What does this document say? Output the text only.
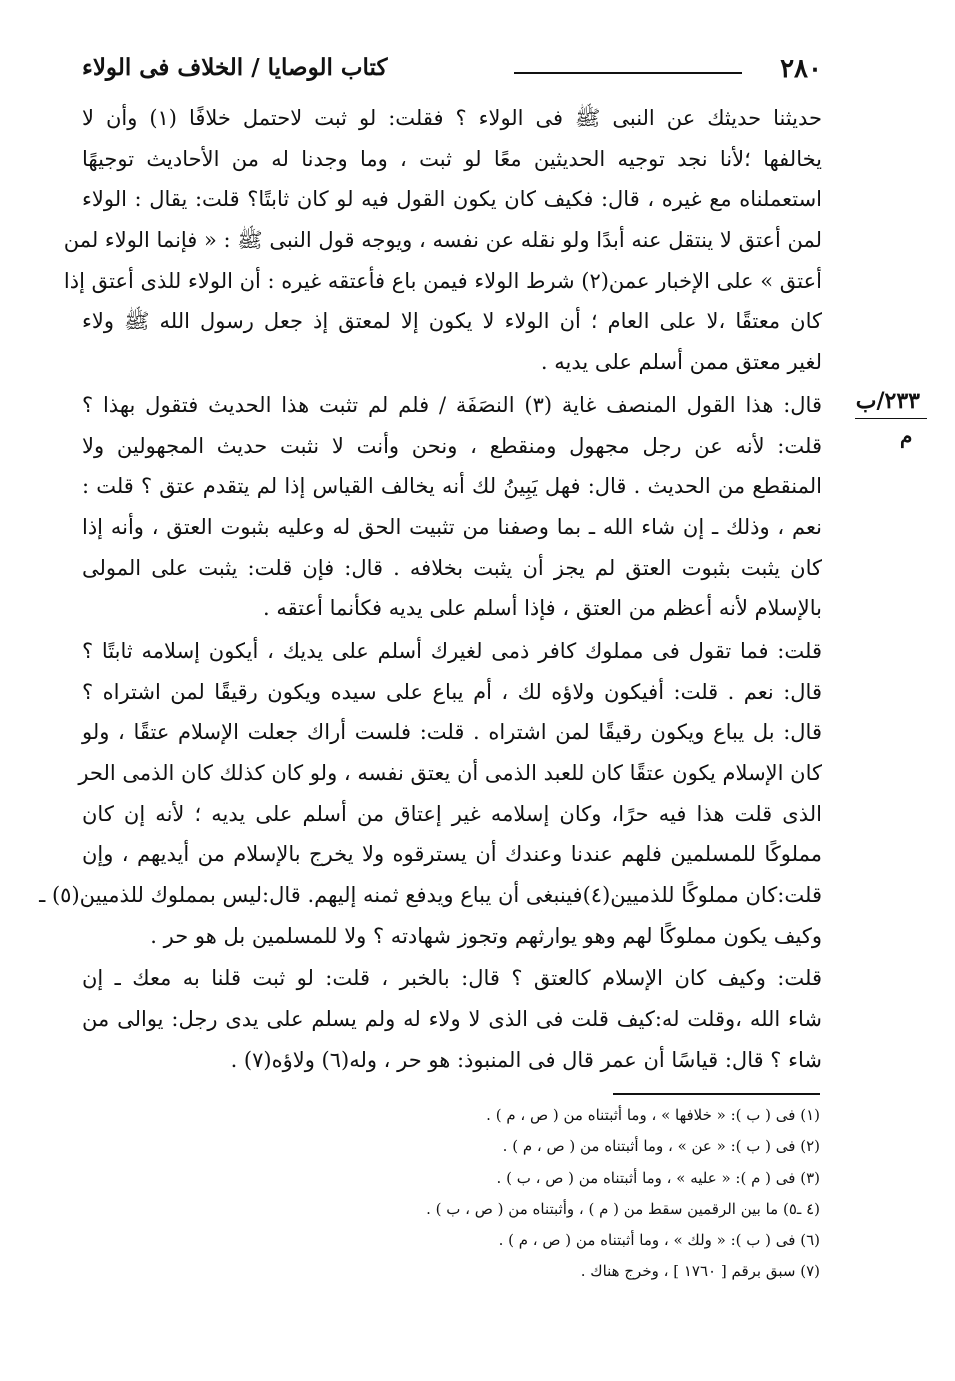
٢٨٠
كتاب الوصايا / الخلاف فى الولاء
٢٣٣/ب
م
حديثنا حديثك عن النبى ﷺ فى الولاء ؟ فقلت: لو ثبت لاحتمل خلافًا (١) وأن لا
يخالفها ؛لأنا نجد توجيه الحديثين معًا لو ثبت ، وما وجدنا له من الأحاديث توجيهًا
استعملناه مع غيره ، قال: فكيف كان يكون القول فيه لو كان ثابتًا؟ قلت: يقال : الولاء
لمن أعتق لا ينتقل عنه أبدًا ولو نقله عن نفسه ، ويوجه قول النبى ﷺ : « فإنما الولاء لمن
أعتق » على الإخبار عمن(٢) شرط الولاء فيمن باع فأعتقه غيره : أن الولاء للذى أعتق إذا
كان معتقًا ،لا على العام ؛ أن الولاء لا يكون إلا لمعتق إذ جعل رسول الله ﷺ ولاء
لغير معتق ممن أسلم على يديه .
قال: هذا القول المنصف غاية (٣) النصَفَة / فلم لم تثبت هذا الحديث فتقول بهذا ؟
قلت: لأنه عن رجل مجهول ومنقطع ، ونحن وأنت لا نثبت حديث المجهولين ولا
المنقطع من الحديث . قال: فهل يَبِينُ لك أنه يخالف القياس إذا لم يتقدم عتق ؟ قلت :
نعم ، وذلك ـ إن شاء الله ـ بما وصفنا من تثبيت الحق له وعليه بثبوت العتق ، وأنه إذا
كان يثبت بثبوت العتق لم يجز أن يثبت بخلافه . قال: فإن قلت: يثبت على المولى
بالإسلام لأنه أعظم من العتق ، فإذا أسلم على يديه فكأنما أعتقه .
قلت: فما تقول فى مملوك كافر ذمى لغيرك أسلم على يديك ، أيكون إسلامه ثابتًا ؟
قال: نعم . قلت: أفيكون ولاؤه لك ، أم يباع على سيده ويكون رقيقًا لمن اشتراه ؟
قال: بل يباع ويكون رقيقًا لمن اشتراه . قلت: فلست أراك جعلت الإسلام عتقًا ، ولو
كان الإسلام يكون عتقًا كان للعبد الذمى أن يعتق نفسه ، ولو كان كذلك كان الذمى الحر
الذى قلت هذا فيه حرًا، وكان إسلامه غير إعتاق من أسلم على يديه ؛ لأنه إن كان
مملوكًا للمسلمين فلهم عندنا وعندك أن يسترقوه ولا يخرج بالإسلام من أيديهم ، وإن
قلت:كان مملوكًا للذميين(٤)فينبغى أن يباع ويدفع ثمنه إليهم. قال:ليس بمملوك للذميين(٥) ـ
وكيف يكون مملوكًا لهم وهو يوارثهم وتجوز شهادته ؟ ولا للمسلمين بل هو حر .
قلت: وكيف كان الإسلام كالعتق ؟ قال: بالخبر ، قلت: لو ثبت قلنا به معك ـ إن
شاء الله ،وقلت له:كيف قلت فى الذى لا ولاء له ولم يسلم على يدى رجل: يوالى من
شاء ؟ قال: قياسًا أن عمر قال فى المنبوذ: هو حر ، وله(٦) ولاؤه(٧) .
(١) فى ( ب ): « خلافها » ، وما أثبتناه من ( ص ، م ) .
(٢) فى ( ب ): « عن » ، وما أثبتناه من ( ص ، م ) .
(٣) فى ( م ): « عليه » ، وما أثبتناه من ( ص ، ب ) .
(٤ ـ٥) ما بين الرقمين سقط من ( م ) ، وأثبتناه من ( ص ، ب ) .
(٦) فى ( ب ): « ولك » ، وما أثبتناه من ( ص ، م ) .
(٧) سبق برقم [ ١٧٦٠ ] ، وخرج هناك .
